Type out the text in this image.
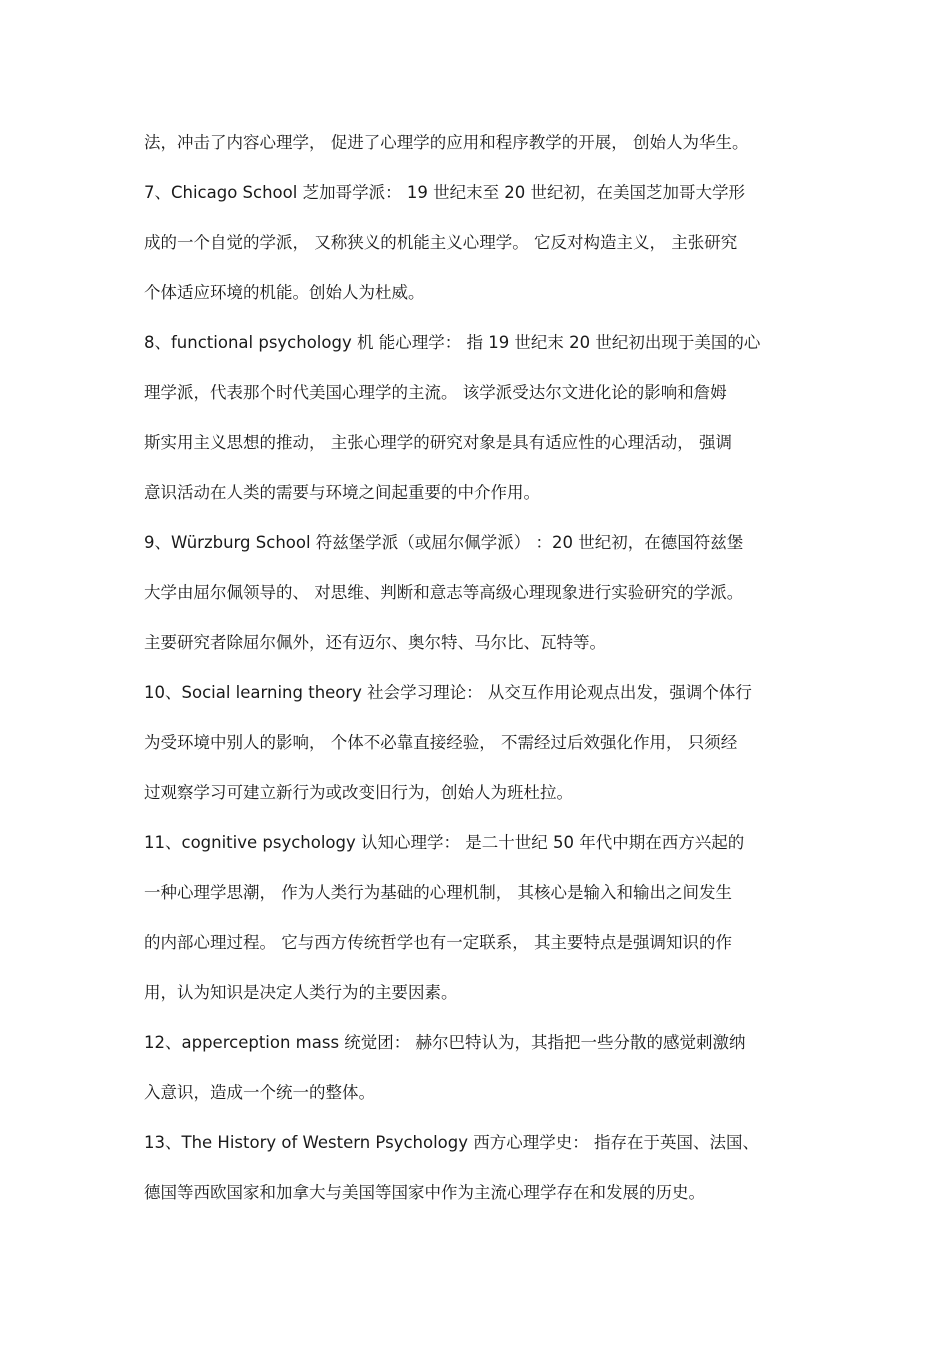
法，冲击了内容心理学， 促进了心理学的应用和程序教学的开展， 创始人为华生。
7、Chicago School 芝加哥学派： 19 世纪末至 20 世纪初，在美国芝加哥大学形
成的一个自觉的学派， 又称狭义的机能主义心理学。 它反对构造主义， 主张研究
个体适应环境的机能。创始人为杜威。
8、functional psychology 机 能心理学： 指 19 世纪末 20 世纪初出现于美国的心
理学派，代表那个时代美国心理学的主流。 该学派受达尔文进化论的影响和詹姆
斯实用主义思想的推动， 主张心理学的研究对象是具有适应性的心理活动， 强调
意识活动在人类的需要与环境之间起重要的中介作用。
9、Würzburg School 符兹堡学派（或屈尔佩学派） ：20 世纪初，在德国符兹堡
大学由屈尔佩领导的、 对思维、判断和意志等高级心理现象进行实验研究的学派。
主要研究者除屈尔佩外，还有迈尔、奥尔特、马尔比、瓦特等。
10、Social learning theory 社会学习理论： 从交互作用论观点出发，强调个体行
为受环境中别人的影响， 个体不必靠直接经验， 不需经过后效强化作用， 只须经
过观察学习可建立新行为或改变旧行为，创始人为班杜拉。
11、cognitive psychology 认知心理学： 是二十世纪 50 年代中期在西方兴起的
一种心理学思潮， 作为人类行为基础的心理机制， 其核心是输入和输出之间发生
的内部心理过程。 它与西方传统哲学也有一定联系， 其主要特点是强调知识的作
用，认为知识是决定人类行为的主要因素。
12、apperception mass 统觉团： 赫尔巴特认为，其指把一些分散的感觉刺激纳
入意识，造成一个统一的整体。
13、The History of Western Psychology 西方心理学史： 指存在于英国、法国、
德国等西欧国家和加拿大与美国等国家中作为主流心理学存在和发展的历史。
